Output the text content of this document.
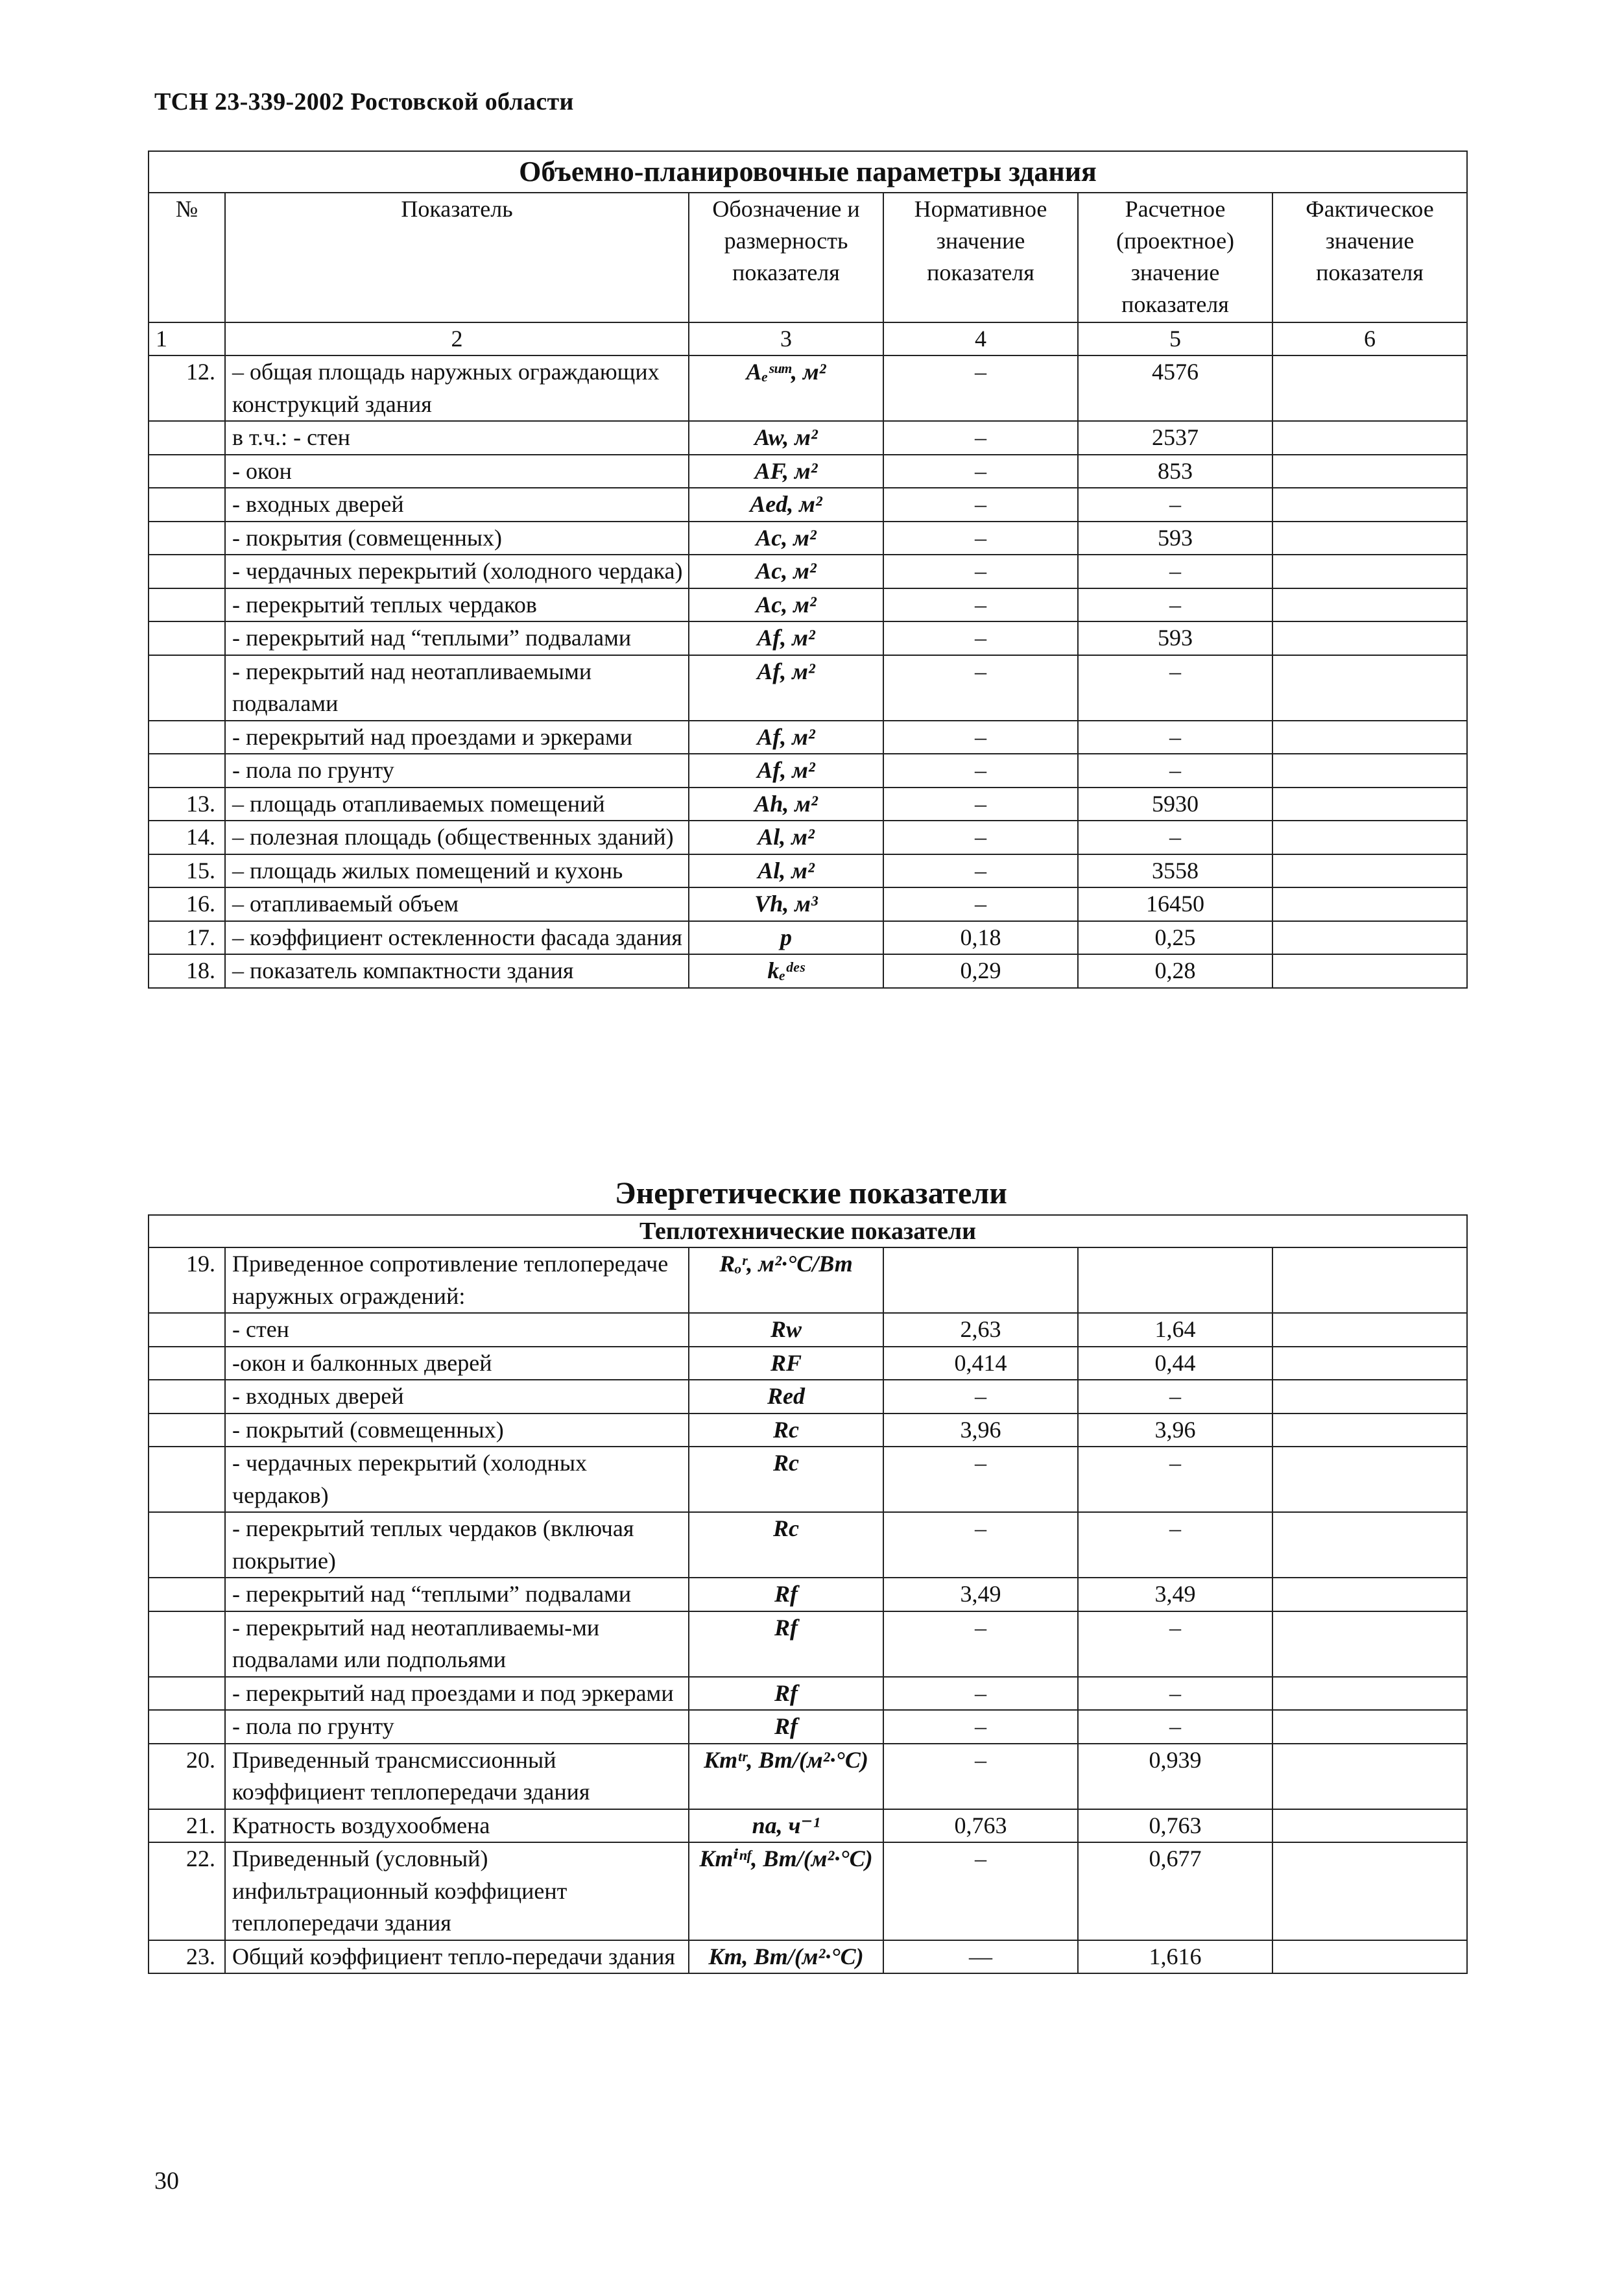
ТСН 23-339-2002 Ростовской области
Объемно-планировочные параметры здания					
№	Показатель	Обозначение и размерность показателя	Нормативное значение показателя	Расчетное (проектное) значение показателя	Фактическое значение показателя
1	2	3	4	5	6
12.	– общая площадь наружных ограждающих конструкций здания	Aₑˢᵘᵐ, м²	–	4576	
	в т.ч.: - стен	Aw, м²	–	2537	
	- окон	AF, м²	–	853	
	- входных дверей	Aed, м²	–	–	
	- покрытия (совмещенных)	Ac, м²	–	593	
	- чердачных перекрытий (холодного чердака)	Ac, м²	–	–	
	- перекрытий теплых чердаков	Ac, м²	–	–	
	- перекрытий над “теплыми” подвалами	Af, м²	–	593	
	- перекрытий над неотапливаемыми подвалами	Af, м²	–	–	
	- перекрытий над проездами и эркерами	Af, м²	–	–	
	- пола по грунту	Af, м²	–	–	
13.	– площадь отапливаемых помещений	Ah, м²	–	5930	
14.	– полезная площадь (общественных зданий)	Al, м²	–	–	
15.	– площадь жилых помещений и кухонь	Al, м²	–	3558	
16.	– отапливаемый объем	Vh, м³	–	16450	
17.	– коэффициент остекленности фасада здания	p	0,18	0,25	
18.	– показатель компактности здания	kₑᵈᵉˢ	0,29	0,28	
Энергетические показатели
Теплотехнические показатели					
19.	Приведенное сопротивление теплопередаче наружных ограждений:	Rₒʳ, м²·°С/Вт			
	- стен	Rw	2,63	1,64	
	-окон и балконных дверей	RF	0,414	0,44	
	- входных дверей	Red	–	–	
	- покрытий (совмещенных)	Rc	3,96	3,96	
	- чердачных перекрытий (холодных чердаков)	Rc	–	–	
	- перекрытий теплых чердаков (включая покрытие)	Rc	–	–	
	- перекрытий над “теплыми” подвалами	Rf	3,49	3,49	
	- перекрытий над неотапливаемы-ми подвалами или подпольями	Rf	–	–	
	- перекрытий над проездами и под эркерами	Rf	–	–	
	- пола по грунту	Rf	–	–	
20.	Приведенный трансмиссионный коэффициент теплопередачи здания	Kmᵗʳ, Вт/(м²·°С)	–	0,939	
21.	Кратность воздухообмена	na, ч⁻¹	0,763	0,763	
22.	Приведенный (условный) инфильтрационный коэффициент теплопередачи здания	Kmⁱⁿᶠ, Вт/(м²·°С)	–	0,677	
23.	Общий коэффициент тепло-передачи здания	Km, Вт/(м²·°С)	—	1,616	
30
